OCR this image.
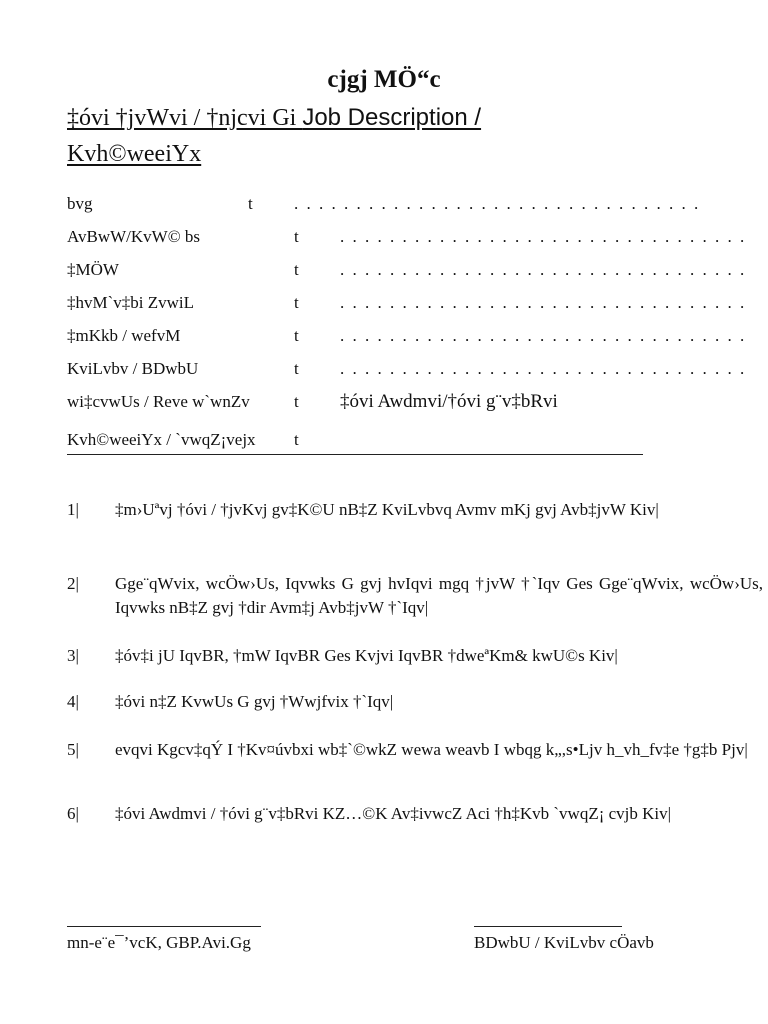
cjgj MÖ“c
‡óvi †jvWvi / †njcvi Gi Job Description /
Kvh©weeiYx
bvg	t . . . . . . . . . . . . . . . . . . . . . . . . . . . . . . . . .
AvBwW/KvW© bs	t . . . . . . . . . . . . . . . . . . . . . . . . . . . . . . . . .
‡MÖW	t . . . . . . . . . . . . . . . . . . . . . . . . . . . . . . . . .
‡hvM`v‡bi ZvwiL	t . . . . . . . . . . . . . . . . . . . . . . . . . . . . . . . . .
‡mKkb / wefvM	t . . . . . . . . . . . . . . . . . . . . . . . . . . . . . . . . .
KviLvbv / BDwbU	t . . . . . . . . . . . . . . . . . . . . . . . . . . . . . . . . .
wi‡cvwUs / Reve w`wnZv	t ‡óvi Awdmvi/†óvi g¨v‡bRvi
Kvh©weeiYx / `vwqZ¡vejx t
1|	‡m›Uªvj †óvi / †jvKvj gv‡K©U nB‡Z KviLvbvq Avmv mKj gvj Avb‡jvW Kiv|
2|	Gge¨qWvix, wcÖw›Us, Iqvwks G gvj hvIqvi mgq †jvW †`Iqv Ges Gge¨qWvix, wcÖw›Us, Iqvwks nB‡Z gvj †dir Avm‡j Avb‡jvW †`Iqv|
3|	‡óv‡i jU IqvBR, †mW IqvBR Ges Kvjvi IqvBR †dweªKm& kwU©s Kiv|
4|	‡óvi n‡Z KvwUs G gvj †Wwjfvix †`Iqv|
5|	evqvi Kgcv‡qÝ I †Kv¤úvbxi wb‡`©wkZ wewa weavb I wbqg k„,s•Ljv h_vh_fv‡e †g‡b Pjv|
6|	‡óvi Awdmvi / †óvi g¨v‡bRvi KZ…©K Av‡ivwcZ Aci †h‡Kvb `vwqZ¡ cvjb Kiv|
mn-e¨e¯’vcK, GBP.Avi.Gg	BDwbU / KviLvbv cÖavb
